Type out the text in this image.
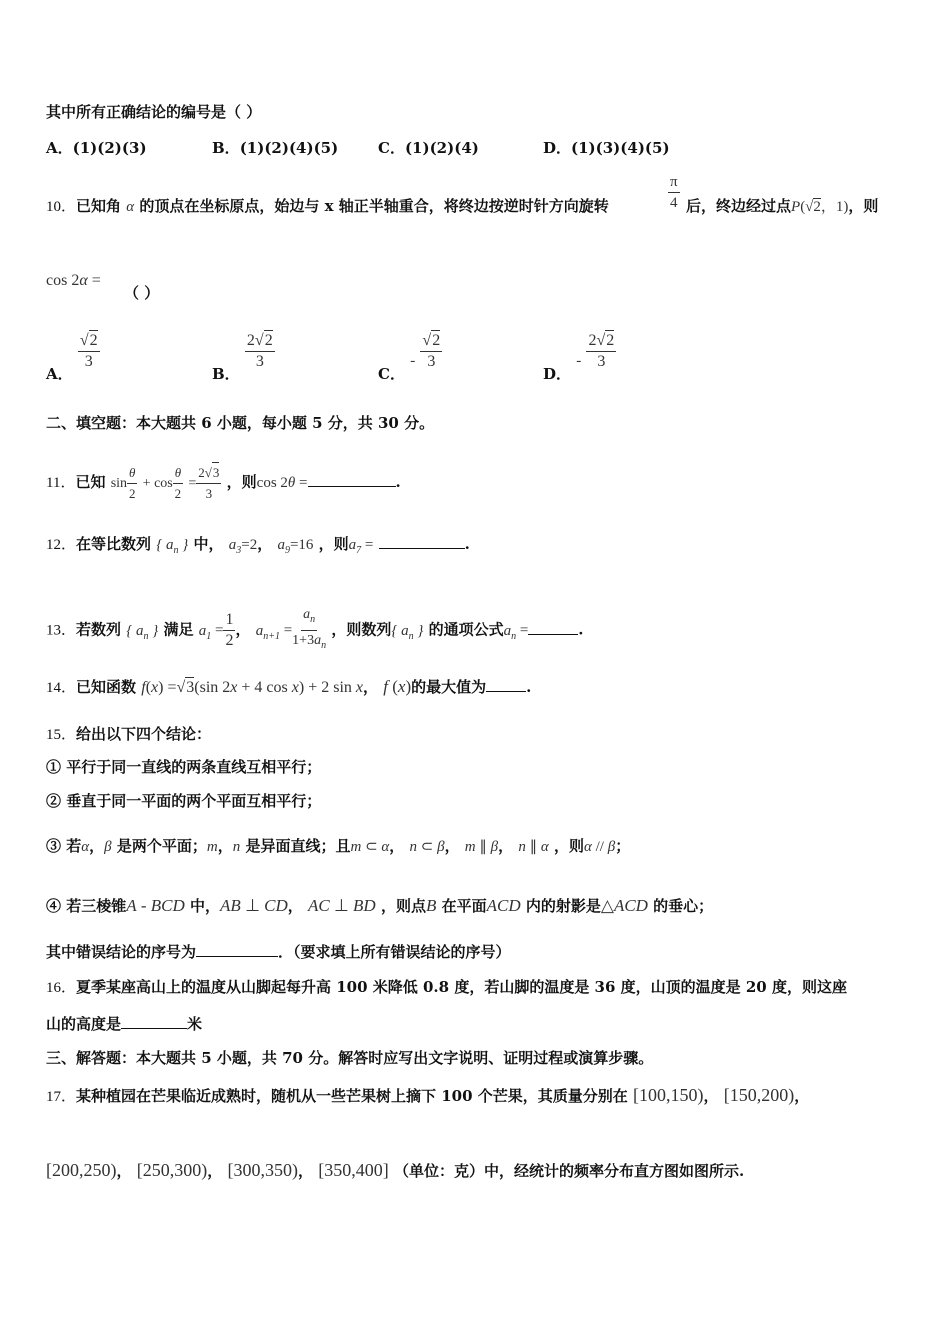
其中所有正确结论的编号是（ ）
A．(1)(2)(3)	B．(1)(2)(4)(5)	C．(1)(2)(4)	D．(1)(3)(4)(5)
10．已知角 α 的顶点在坐标原点，始边与 x 轴正半轴重合，将终边按逆时针方向旋转	$\frac{\pi}{4}$ 后，终边经过点P(√2，1)，则
cos 2α =
（ ）
A．
$\frac{√2}{3}$
B．
$\frac{2√2}{3}$
C． - $\frac{√2}{3}$
D． - $\frac{2√2}{3}$
二、填空题：本大题共 6 小题，每小题 5 分，共 30 分。
11．已知 $\sin \frac{\theta}{2} + \cos \frac{\theta}{2} = \frac{2√3}{3}$ ，则cos 2θ =	.
12．在等比数列 { $a_n$ } 中， $a_3=2$， $a_9=16$ ，则$a_7$ =	.
13．若数列 { $a_n$ } 满足 $a_1 = \frac{1}{2}$ ， $a_{n+1} = \frac{a_n}{1+3a_n}$ ，则数列{ $a_n$ } 的通项公式$a_n$ =	.
14．已知函数 f(x) =√3(sin 2x + 4 cos x) + 2 sin x， f (x)的最大值为	.
15．给出以下四个结论：
① 平行于同一直线的两条直线互相平行；
② 垂直于同一平面的两个平面互相平行；
③ 若α，β 是两个平面；m，n 是异面直线；且m ⊂ α， n ⊂ β， m ∥ β， n ∥ α ，则α // β；
④ 若三棱锥A - BCD 中，AB ⊥ CD， AC ⊥ BD ，则点B 在平面ACD 内的射影是△ACD 的垂心；
其中错误结论的序号为	．（要求填上所有错误结论的序号）
16．夏季某座高山上的温度从山脚起每升高 100 米降低 0.8 度，若山脚的温度是 36 度，山顶的温度是 20 度，则这座
山的高度是	米
三、解答题：本大题共 5 小题，共 70 分。解答时应写出文字说明、证明过程或演算步骤。
17．某种植园在芒果临近成熟时，随机从一些芒果树上摘下 100 个芒果，其质量分别在 [100,150)， [150,200)，
[200,250)， [250,300)， [300,350)， [350,400] （单位：克）中，经统计的频率分布直方图如图所示.
